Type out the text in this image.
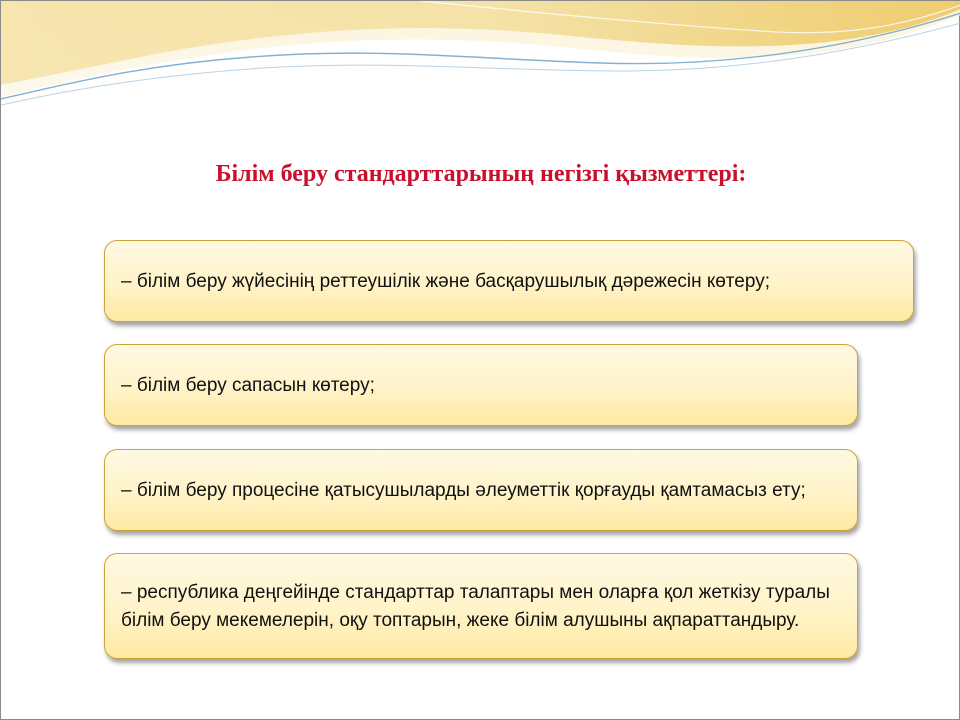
Білім беру стандарттарының негізгі қызметтері:

– білім беру жүйесінің реттеушілік және басқарушылық дәрежесін көтеру;

– білім беру сапасын көтеру;

– білім беру процесіне қатысушыларды әлеуметтік қорғауды қамтамасыз ету;

– республика деңгейінде стандарттар талаптары мен оларға қол жеткізу туралы білім беру мекемелерін, оқу топтарын, жеке білім алушыны ақпараттандыру.
